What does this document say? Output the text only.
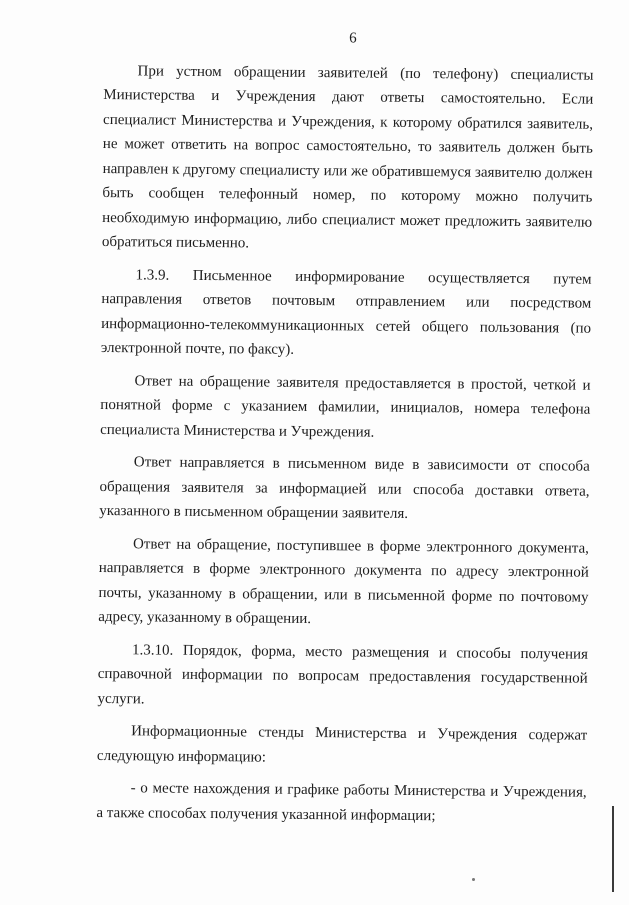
6

При устном обращении заявителей (по телефону) специалисты Министерства и Учреждения дают ответы самостоятельно. Если специалист Министерства и Учреждения, к которому обратился заявитель, не может ответить на вопрос самостоятельно, то заявитель должен быть направлен к другому специалисту или же обратившемуся заявителю должен быть сообщен телефонный номер, по которому можно получить необходимую информацию, либо специалист может предложить заявителю обратиться письменно.

1.3.9. Письменное информирование осуществляется путем направления ответов почтовым отправлением или посредством информационно-телекоммуникационных сетей общего пользования (по электронной почте, по факсу).

Ответ на обращение заявителя предоставляется в простой, четкой и понятной форме с указанием фамилии, инициалов, номера телефона специалиста Министерства и Учреждения.

Ответ направляется в письменном виде в зависимости от способа обращения заявителя за информацией или способа доставки ответа, указанного в письменном обращении заявителя.

Ответ на обращение, поступившее в форме электронного документа, направляется в форме электронного документа по адресу электронной почты, указанному в обращении, или в письменной форме по почтовому адресу, указанному в обращении.

1.3.10. Порядок, форма, место размещения и способы получения справочной информации по вопросам предоставления государственной услуги.

Информационные стенды Министерства и Учреждения содержат следующую информацию:

- о месте нахождения и графике работы Министерства и Учреждения, а также способах получения указанной информации;
